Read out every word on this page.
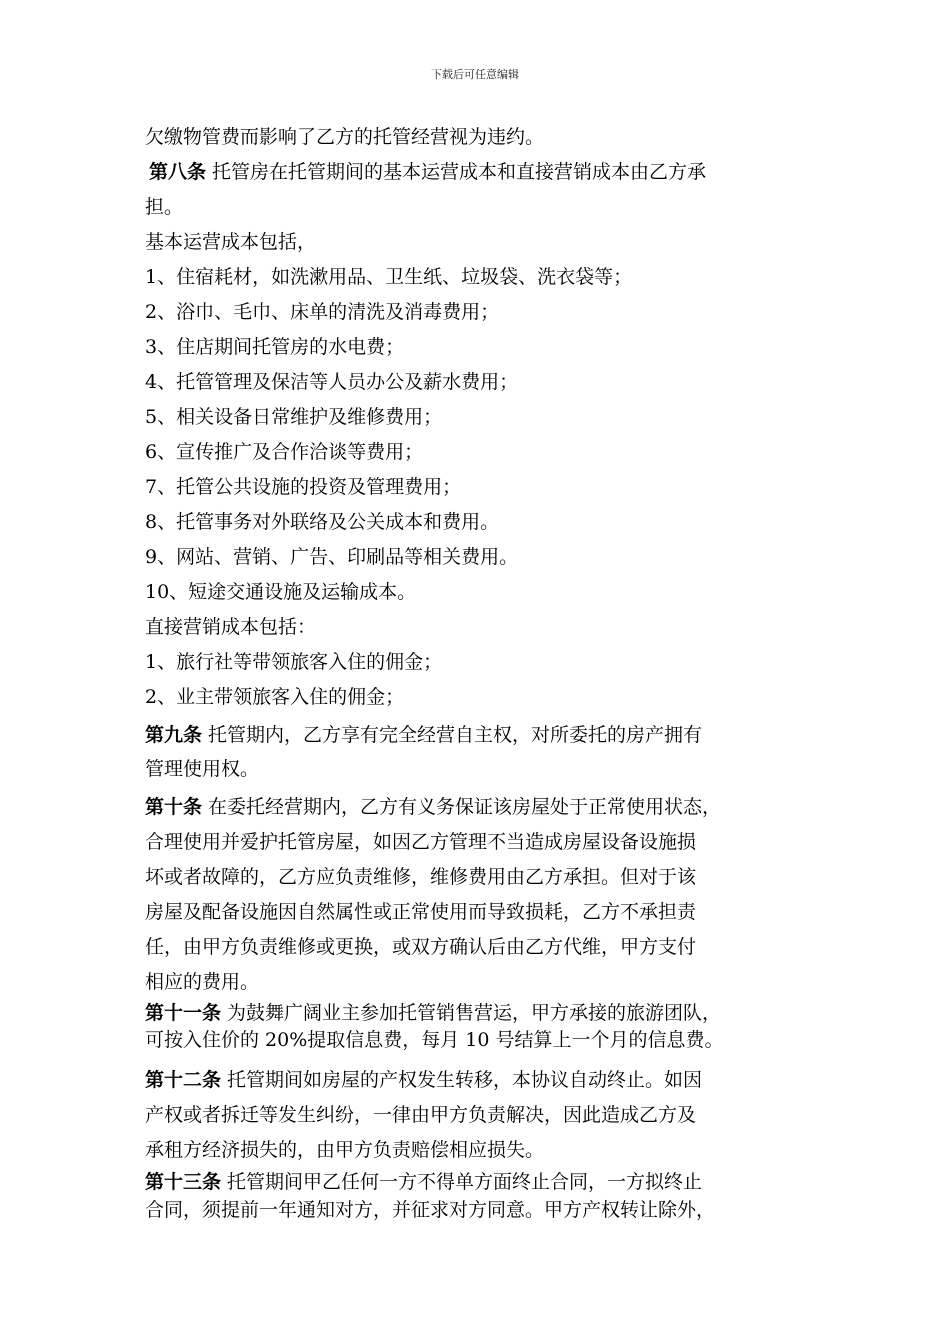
下载后可任意编辑

欠缴物管费而影响了乙方的托管经营视为违约。

第八条 托管房在托管期间的基本运营成本和直接营销成本由乙方承

担。

基本运营成本包括，

1、住宿耗材，如洗漱用品、卫生纸、垃圾袋、洗衣袋等；

2、浴巾、毛巾、床单的清洗及消毒费用；

3、住店期间托管房的水电费；

4、托管管理及保洁等人员办公及薪水费用；

5、相关设备日常维护及维修费用；

6、宣传推广及合作洽谈等费用；

7、托管公共设施的投资及管理费用；

8、托管事务对外联络及公关成本和费用。

9、网站、营销、广告、印刷品等相关费用。

10、短途交通设施及运输成本。

直接营销成本包括：

1、旅行社等带领旅客入住的佣金；

2、业主带领旅客入住的佣金；

第九条 托管期内，乙方享有完全经营自主权，对所委托的房产拥有

管理使用权。

第十条 在委托经营期内，乙方有义务保证该房屋处于正常使用状态，

合理使用并爱护托管房屋，如因乙方管理不当造成房屋设备设施损

坏或者故障的，乙方应负责维修，维修费用由乙方承担。但对于该

房屋及配备设施因自然属性或正常使用而导致损耗，乙方不承担责

任，由甲方负责维修或更换，或双方确认后由乙方代维，甲方支付

相应的费用。

第十一条 为鼓舞广阔业主参加托管销售营运，甲方承接的旅游团队，

可按入住价的 20%提取信息费，每月 10 号结算上一个月的信息费。

第十二条 托管期间如房屋的产权发生转移，本协议自动终止。如因

产权或者拆迁等发生纠纷，一律由甲方负责解决，因此造成乙方及

承租方经济损失的，由甲方负责赔偿相应损失。

第十三条 托管期间甲乙任何一方不得单方面终止合同，一方拟终止

合同，须提前一年通知对方，并征求对方同意。甲方产权转让除外，
